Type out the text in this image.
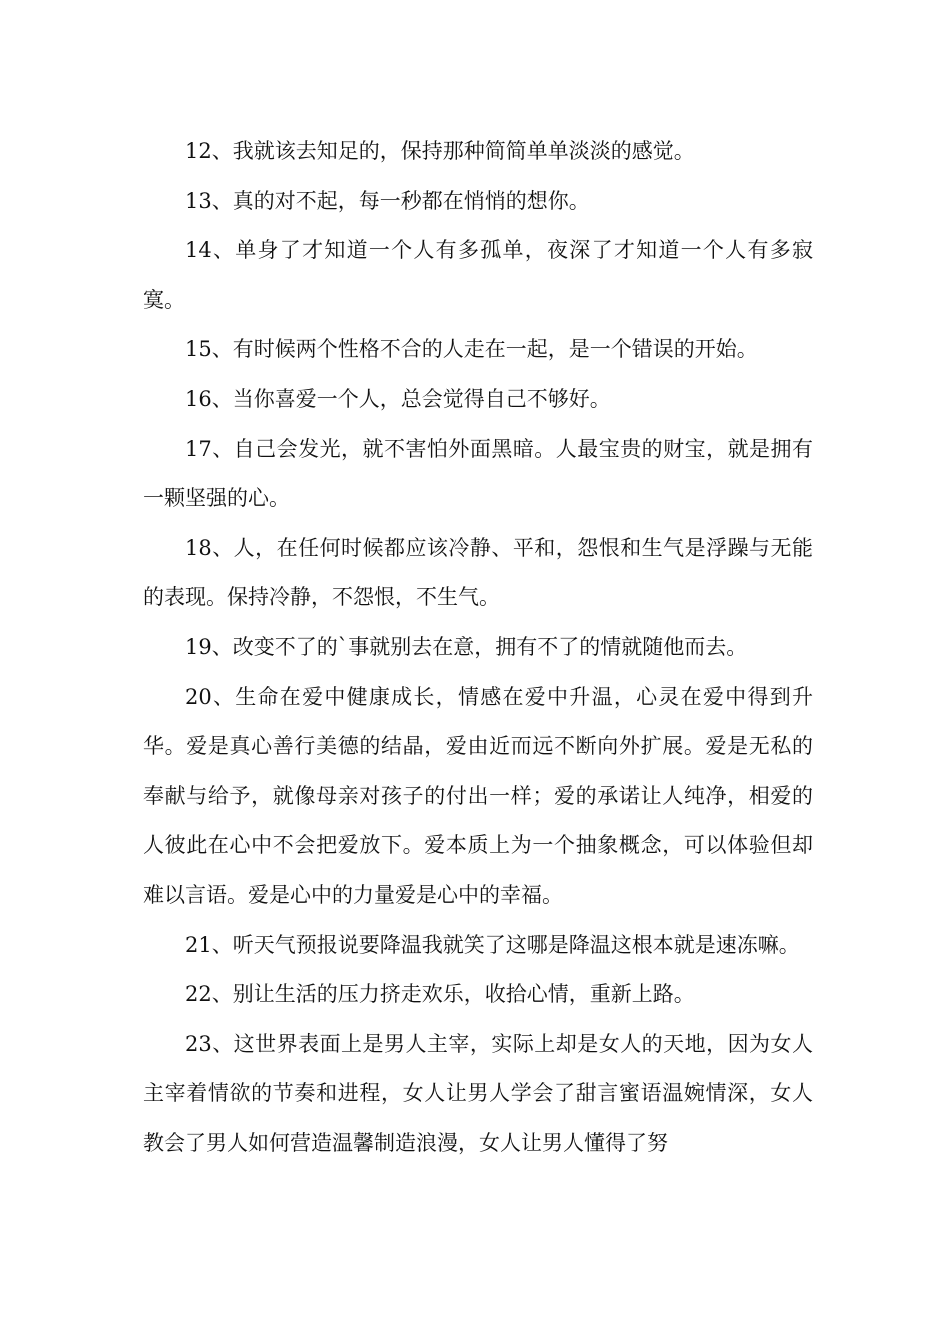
12、我就该去知足的，保持那种简简单单淡淡的感觉。

13、真的对不起，每一秒都在悄悄的想你。

14、单身了才知道一个人有多孤单，夜深了才知道一个人有多寂寞。

15、有时候两个性格不合的人走在一起，是一个错误的开始。

16、当你喜爱一个人，总会觉得自己不够好。

17、自己会发光，就不害怕外面黑暗。人最宝贵的财宝，就是拥有一颗坚强的心。

18、人，在任何时候都应该冷静、平和，怨恨和生气是浮躁与无能的表现。保持冷静，不怨恨，不生气。

19、改变不了的`事就别去在意，拥有不了的情就随他而去。

20、生命在爱中健康成长，情感在爱中升温，心灵在爱中得到升华。爱是真心善行美德的结晶，爱由近而远不断向外扩展。爱是无私的奉献与给予，就像母亲对孩子的付出一样；爱的承诺让人纯净，相爱的人彼此在心中不会把爱放下。爱本质上为一个抽象概念，可以体验但却难以言语。爱是心中的力量爱是心中的幸福。

21、听天气预报说要降温我就笑了这哪是降温这根本就是速冻嘛。

22、别让生活的压力挤走欢乐，收拾心情，重新上路。

23、这世界表面上是男人主宰，实际上却是女人的天地，因为女人主宰着情欲的节奏和进程，女人让男人学会了甜言蜜语温婉情深，女人教会了男人如何营造温馨制造浪漫，女人让男人懂得了努
